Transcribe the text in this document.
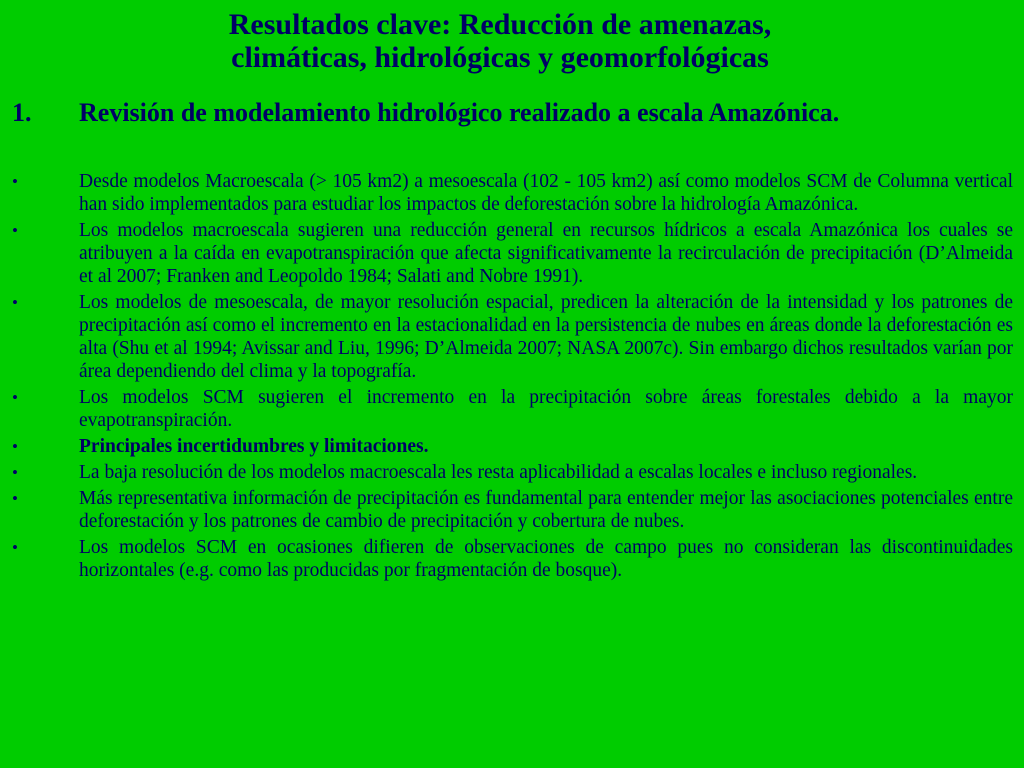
Resultados clave: Reducción de amenazas,
climáticas, hidrológicas y geomorfológicas
1. Revisión de modelamiento hidrológico realizado a escala Amazónica.
•	Desde modelos Macroescala (> 105 km2) a mesoescala (102 - 105 km2) así como modelos SCM de Columna vertical han sido implementados para estudiar los impactos de deforestación sobre la hidrología Amazónica.
•	Los modelos macroescala sugieren una reducción general en recursos hídricos a escala Amazónica los cuales se atribuyen a la caída en evapotranspiración que afecta significativamente la recirculación de precipitación (D’Almeida et al 2007; Franken and Leopoldo 1984; Salati and Nobre 1991).
•	Los modelos de mesoescala, de mayor resolución espacial, predicen la alteración de la intensidad y los patrones de precipitación así como el incremento en la estacionalidad en la persistencia de nubes en áreas donde la deforestación es alta (Shu et al 1994; Avissar and Liu, 1996; D’Almeida 2007; NASA 2007c). Sin embargo dichos resultados varían por área dependiendo del clima y la topografía.
•	Los modelos SCM sugieren el incremento en la precipitación sobre áreas forestales debido a la mayor evapotranspiración.
•	Principales incertidumbres y limitaciones.
•	La baja resolución de los modelos macroescala les resta aplicabilidad a escalas locales e incluso regionales.
•	Más representativa información de precipitación es fundamental para entender mejor las asociaciones potenciales entre deforestación y los patrones de cambio de precipitación y cobertura de nubes.
•	Los modelos SCM en ocasiones difieren de observaciones de campo pues no consideran las discontinuidades horizontales (e.g. como las producidas por fragmentación de bosque).
